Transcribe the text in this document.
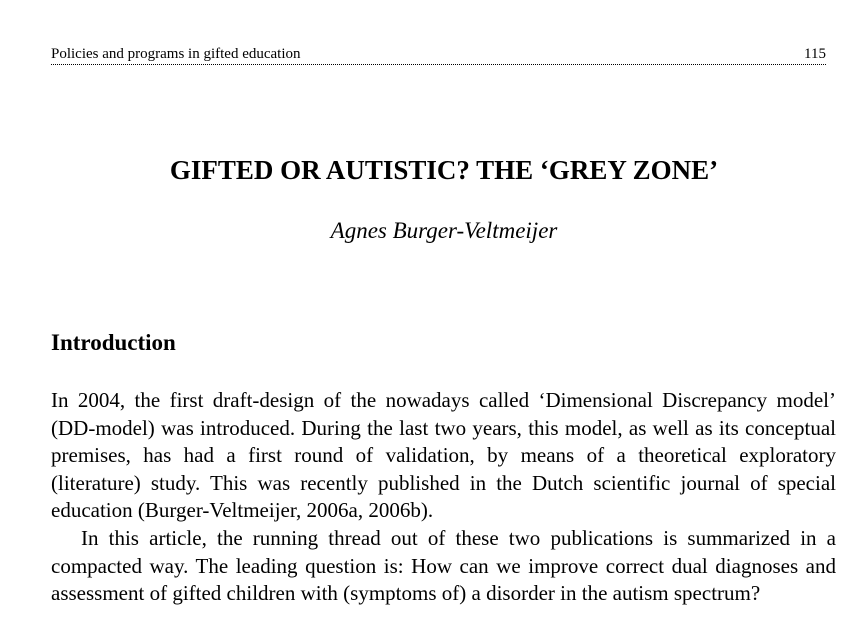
Policies and programs in gifted education	115
GIFTED OR AUTISTIC? THE ‘GREY ZONE’
Agnes Burger-Veltmeijer
Introduction

In 2004, the first draft-design of the nowadays called ‘Dimensional Discrepancy model’ (DD-model) was introduced. During the last two years, this model, as well as its conceptual premises, has had a first round of validation, by means of a theoretical exploratory (literature) study. This was recently published in the Dutch scientific journal of special education (Burger-Veltmeijer, 2006a, 2006b).

In this article, the running thread out of these two publications is summarized in a compacted way. The leading question is: How can we improve correct dual diagnoses and assessment of gifted children with (symptoms of) a disorder in the autism spectrum?
